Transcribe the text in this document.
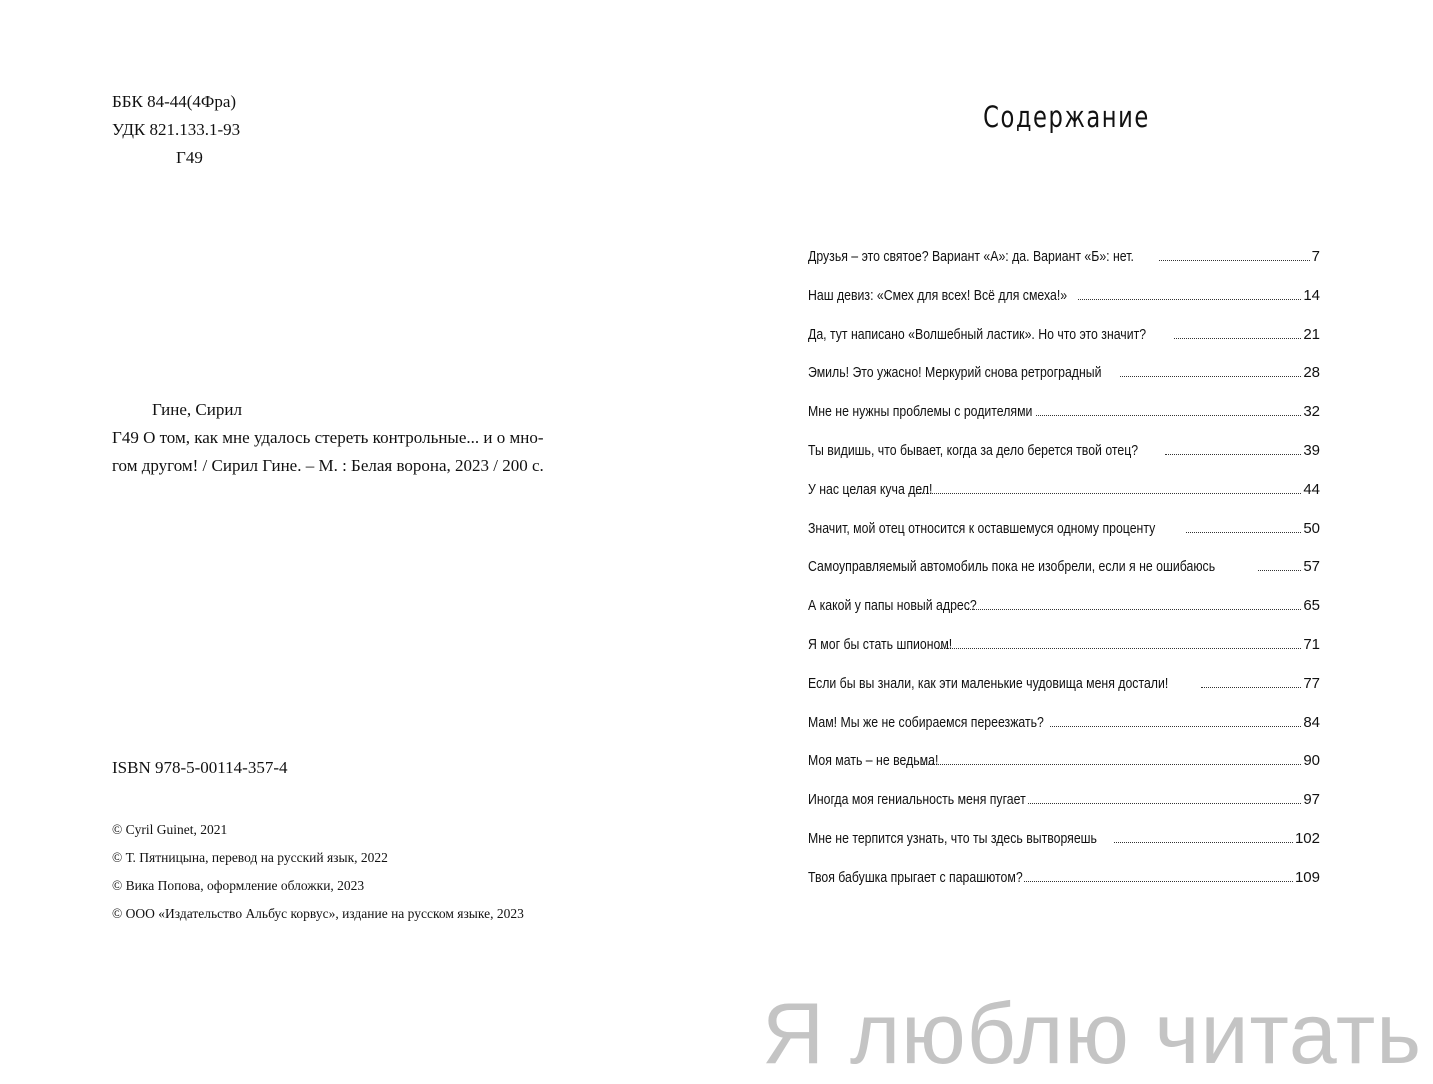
ББК 84-44(4Фра)
УДК 821.133.1-93
Г49
Гине, Сирил
Г49 О том, как мне удалось стереть контрольные... и о мно-
гом другом! / Сирил Гине. – М. : Белая ворона, 2023 / 200 с.
ISBN 978-5-00114-357-4
© Cyril Guinet, 2021
© Т. Пятницына, перевод на русский язык, 2022
© Вика Попова, оформление обложки, 2023
© ООО «Издательство Альбус корвус», издание на русском языке, 2023
Содержание
Друзья – это святое? Вариант «А»: да. Вариант «Б»: нет.	7
Наш девиз: «Смех для всех! Всё для смеха!»	14
Да, тут написано «Волшебный ластик». Но что это значит?	21
Эмиль! Это ужасно! Меркурий снова ретроградный	28
Мне не нужны проблемы с родителями	32
Ты видишь, что бывает, когда за дело берется твой отец?	39
У нас целая куча дел!	44
Значит, мой отец относится к оставшемуся одному проценту	50
Самоуправляемый автомобиль пока не изобрели, если я не ошибаюсь	57
А какой у папы новый адрес?	65
Я мог бы стать шпионом!	71
Если бы вы знали, как эти маленькие чудовища меня достали!	77
Мам! Мы же не собираемся переезжать?	84
Моя мать – не ведьма!	90
Иногда моя гениальность меня пугает	97
Мне не терпится узнать, что ты здесь вытворяешь	102
Твоя бабушка прыгает с парашютом?	109
Я люблю читать
